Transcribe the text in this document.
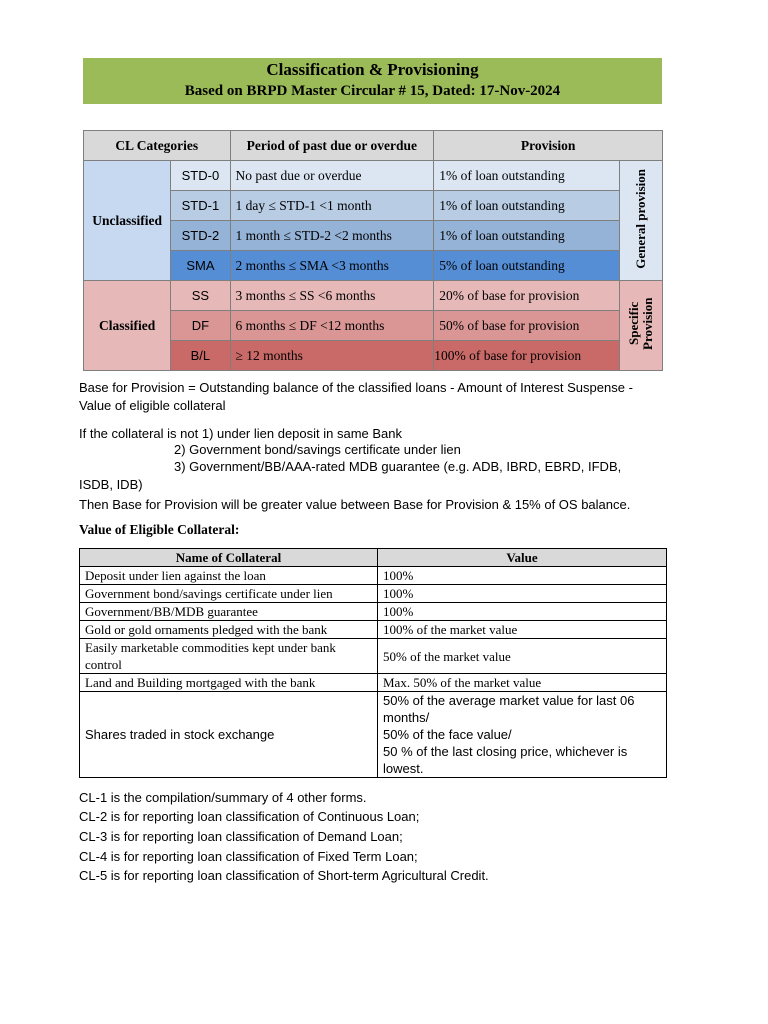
Classification & Provisioning
Based on BRPD Master Circular # 15, Dated: 17-Nov-2024
CL Categories		Period of past due or overdue	Provision	
Unclassified	STD-0	No past due or overdue	1% of loan outstanding	General provision
	STD-1	1 day ≤ STD-1 <1 month	1% of loan outstanding	
	STD-2	1 month ≤ STD-2 <2 months	1% of loan outstanding	
	SMA	2 months ≤ SMA <3 months	5% of loan outstanding	
Classified	SS	3 months ≤ SS <6 months	20% of base for provision	Specific Provision
	DF	6 months ≤ DF <12 months	50% of base for provision	
	B/L	≥ 12 months	100% of base for provision	
Base for Provision = Outstanding balance of the classified loans - Amount of Interest Suspense -
Value of eligible collateral
If the collateral is not 1) under lien deposit in same Bank
2) Government bond/savings certificate under lien
3) Government/BB/AAA-rated MDB guarantee (e.g. ADB, IBRD, EBRD, IFDB,
ISDB, IDB)
Then Base for Provision will be greater value between Base for Provision & 15% of OS balance.
Value of Eligible Collateral:
Name of Collateral	Value
Deposit under lien against the loan	100%
Government bond/savings certificate under lien	100%
Government/BB/MDB guarantee	100%
Gold or gold ornaments pledged with the bank	100% of the market value
Easily marketable commodities kept under bank control	50% of the market value
Land and Building mortgaged with the bank	Max. 50% of the market value
Shares traded in stock exchange	50% of the average market value for last 06 months/
50% of the face value/
50 % of the last closing price, whichever is lowest.
CL-1 is the compilation/summary of 4 other forms.
CL-2 is for reporting loan classification of Continuous Loan;
CL-3 is for reporting loan classification of Demand Loan;
CL-4 is for reporting loan classification of Fixed Term Loan;
CL-5 is for reporting loan classification of Short-term Agricultural Credit.
